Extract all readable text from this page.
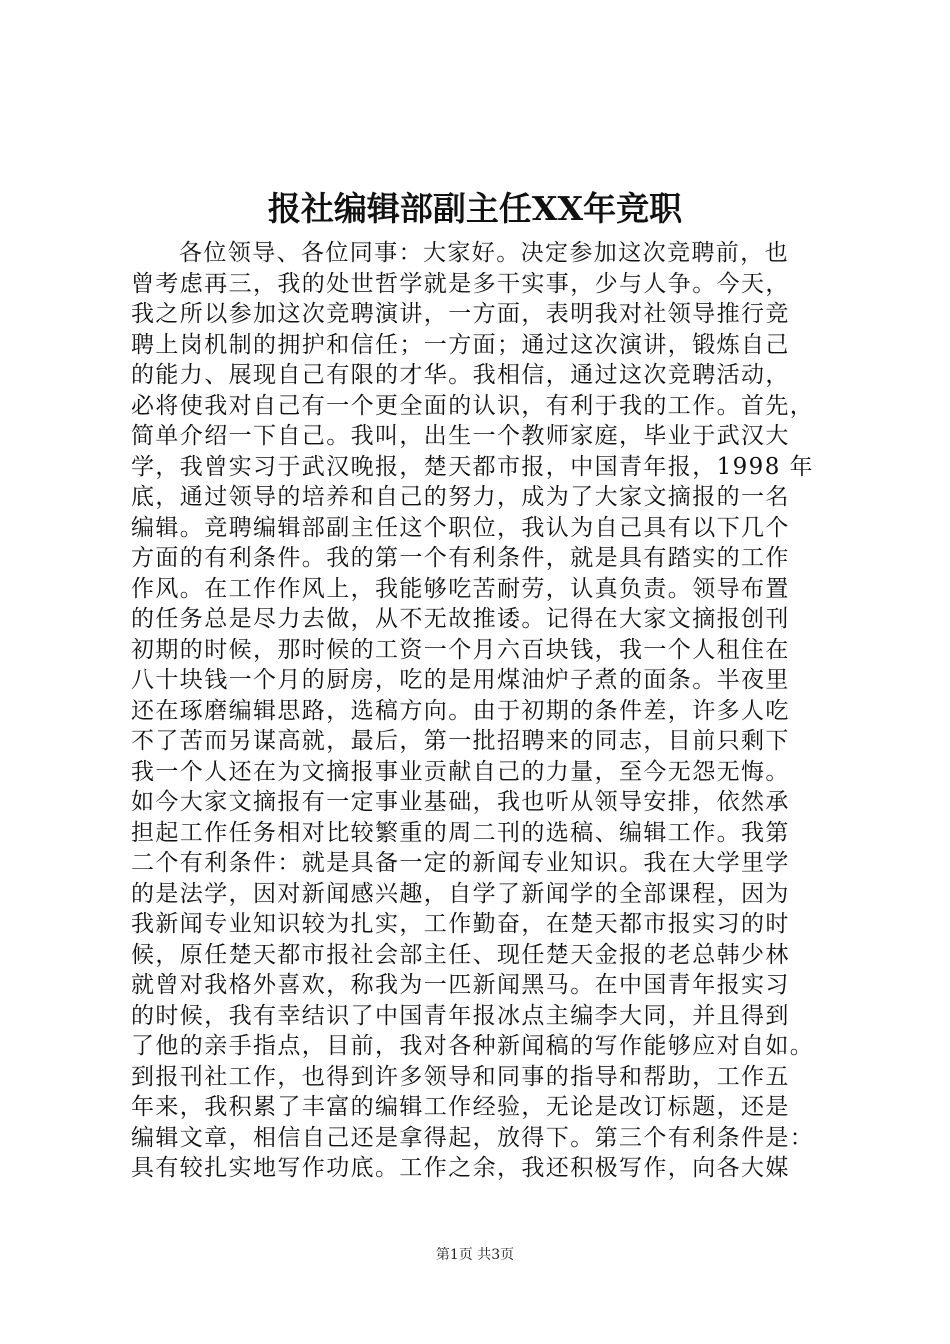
报社编辑部副主任XX年竞职
各位领导、各位同事：大家好。决定参加这次竞聘前，也
曾考虑再三，我的处世哲学就是多干实事，少与人争。今天，
我之所以参加这次竞聘演讲，一方面，表明我对社领导推行竞
聘上岗机制的拥护和信任；一方面；通过这次演讲，锻炼自己
的能力、展现自己有限的才华。我相信，通过这次竞聘活动，
必将使我对自己有一个更全面的认识，有利于我的工作。首先，
简单介绍一下自己。我叫，出生一个教师家庭，毕业于武汉大
学，我曾实习于武汉晚报，楚天都市报，中国青年报，1998 年
底，通过领导的培养和自己的努力，成为了大家文摘报的一名
编辑。竞聘编辑部副主任这个职位，我认为自己具有以下几个
方面的有利条件。我的第一个有利条件，就是具有踏实的工作
作风。在工作作风上，我能够吃苦耐劳，认真负责。领导布置
的任务总是尽力去做，从不无故推诿。记得在大家文摘报创刊
初期的时候，那时候的工资一个月六百块钱，我一个人租住在
八十块钱一个月的厨房，吃的是用煤油炉子煮的面条。半夜里
还在琢磨编辑思路，选稿方向。由于初期的条件差，许多人吃
不了苦而另谋高就，最后，第一批招聘来的同志，目前只剩下
我一个人还在为文摘报事业贡献自己的力量，至今无怨无悔。
如今大家文摘报有一定事业基础，我也听从领导安排，依然承
担起工作任务相对比较繁重的周二刊的选稿、编辑工作。我第
二个有利条件：就是具备一定的新闻专业知识。我在大学里学
的是法学，因对新闻感兴趣，自学了新闻学的全部课程，因为
我新闻专业知识较为扎实，工作勤奋，在楚天都市报实习的时
候，原任楚天都市报社会部主任、现任楚天金报的老总韩少林
就曾对我格外喜欢，称我为一匹新闻黑马。在中国青年报实习
的时候，我有幸结识了中国青年报冰点主编李大同，并且得到
了他的亲手指点，目前，我对各种新闻稿的写作能够应对自如。
到报刊社工作，也得到许多领导和同事的指导和帮助，工作五
年来，我积累了丰富的编辑工作经验，无论是改订标题，还是
编辑文章，相信自己还是拿得起，放得下。第三个有利条件是：
具有较扎实地写作功底。工作之余，我还积极写作，向各大媒
第1页 共3页
